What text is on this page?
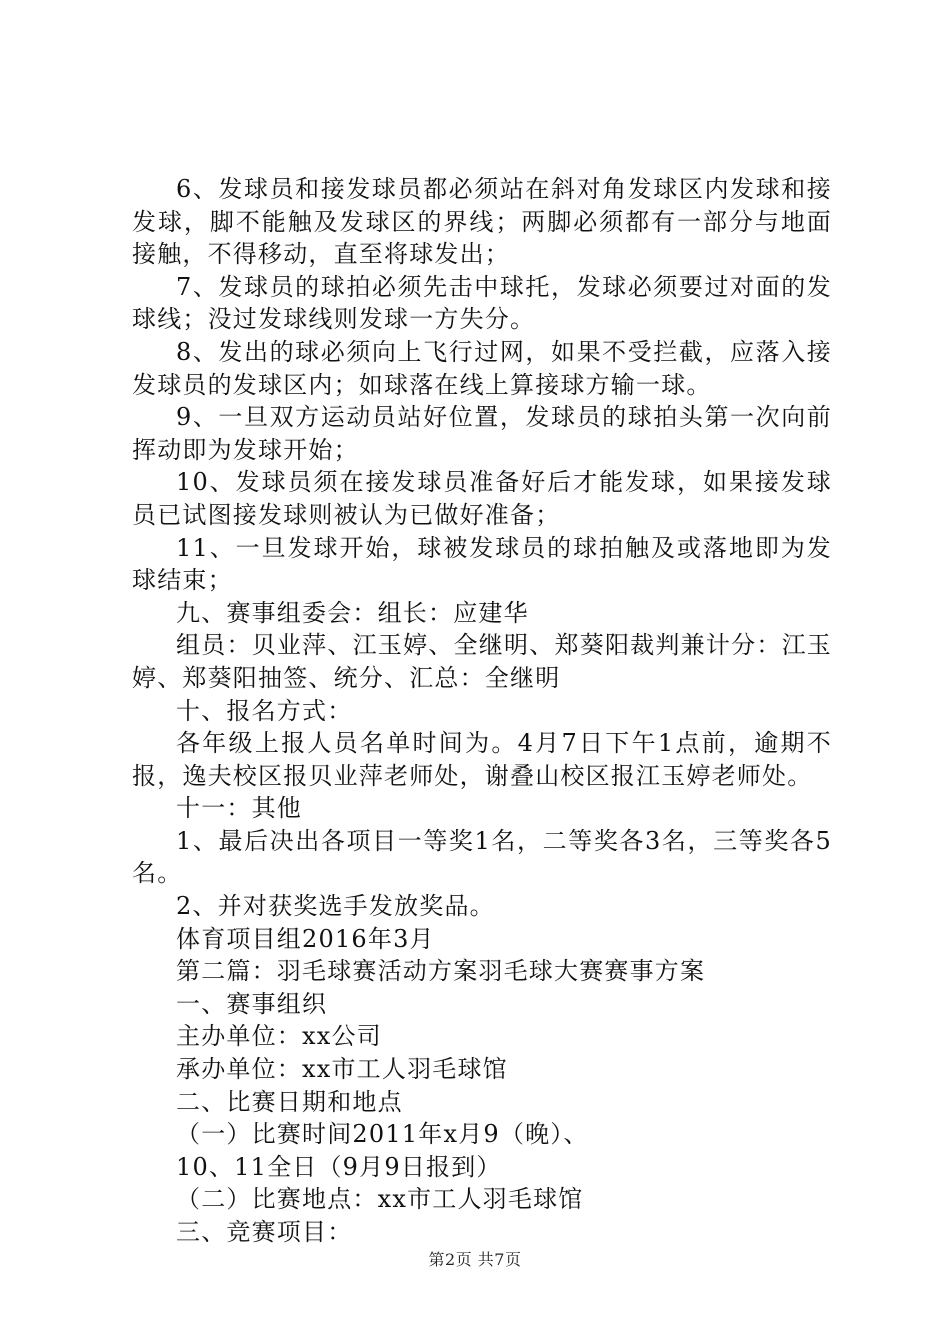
6、发球员和接发球员都必须站在斜对角发球区内发球和接发球，脚不能触及发球区的界线；两脚必须都有一部分与地面接触，不得移动，直至将球发出；

7、发球员的球拍必须先击中球托，发球必须要过对面的发球线；没过发球线则发球一方失分。

8、发出的球必须向上飞行过网，如果不受拦截，应落入接发球员的发球区内；如球落在线上算接球方输一球。

9、一旦双方运动员站好位置，发球员的球拍头第一次向前挥动即为发球开始；

10、发球员须在接发球员准备好后才能发球，如果接发球员已试图接发球则被认为已做好准备；

11、一旦发球开始，球被发球员的球拍触及或落地即为发球结束；

九、赛事组委会：组长：应建华

组员：贝业萍、江玉婷、全继明、郑葵阳裁判兼计分：江玉婷、郑葵阳抽签、统分、汇总：全继明

十、报名方式：

各年级上报人员名单时间为。4月7日下午1点前，逾期不报，逸夫校区报贝业萍老师处，谢叠山校区报江玉婷老师处。

十一：其他

1、最后决出各项目一等奖1名，二等奖各3名，三等奖各5名。

2、并对获奖选手发放奖品。

体育项目组2016年3月

第二篇：羽毛球赛活动方案羽毛球大赛赛事方案

一、赛事组织

主办单位：xx公司

承办单位：xx市工人羽毛球馆

二、比赛日期和地点

（一）比赛时间2011年x月9（晚）、

10、11全日（9月9日报到）

（二）比赛地点：xx市工人羽毛球馆

三、竞赛项目：

第2页 共7页
